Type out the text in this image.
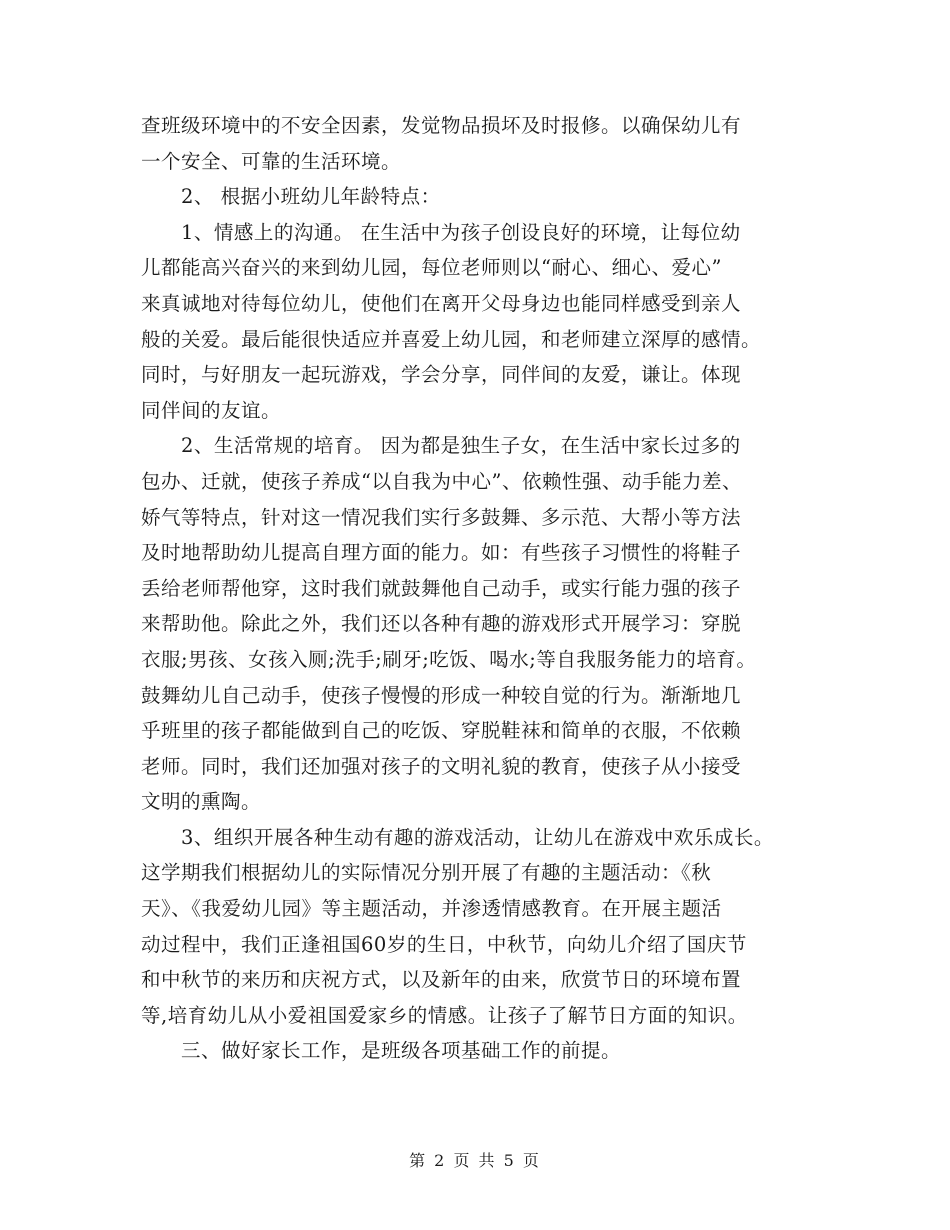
查班级环境中的不安全因素，发觉物品损坏及时报修。以确保幼儿有
一个安全、可靠的生活环境。
2、 根据小班幼儿年龄特点：
1、情感上的沟通。 在生活中为孩子创设良好的环境，让每位幼
儿都能高兴奋兴的来到幼儿园，每位老师则以“耐心、细心、爱心”
来真诚地对待每位幼儿，使他们在离开父母身边也能同样感受到亲人
般的关爱。最后能很快适应并喜爱上幼儿园，和老师建立深厚的感情。
同时，与好朋友一起玩游戏，学会分享，同伴间的友爱，谦让。体现
同伴间的友谊。
2、生活常规的培育。 因为都是独生子女，在生活中家长过多的
包办、迁就，使孩子养成“以自我为中心”、依赖性强、动手能力差、
娇气等特点，针对这一情况我们实行多鼓舞、多示范、大帮小等方法
及时地帮助幼儿提高自理方面的能力。如：有些孩子习惯性的将鞋子
丢给老师帮他穿，这时我们就鼓舞他自己动手，或实行能力强的孩子
来帮助他。除此之外，我们还以各种有趣的游戏形式开展学习：穿脱
衣服;男孩、女孩入厕;洗手;刷牙;吃饭、喝水;等自我服务能力的培育。
鼓舞幼儿自己动手，使孩子慢慢的形成一种较自觉的行为。渐渐地几
乎班里的孩子都能做到自己的吃饭、穿脱鞋袜和简单的衣服，不依赖
老师。同时，我们还加强对孩子的文明礼貌的教育，使孩子从小接受
文明的熏陶。
3、组织开展各种生动有趣的游戏活动，让幼儿在游戏中欢乐成长。
这学期我们根据幼儿的实际情况分别开展了有趣的主题活动：《秋
天》、《我爱幼儿园》等主题活动，并渗透情感教育。在开展主题活
动过程中，我们正逢祖国60岁的生日，中秋节，向幼儿介绍了国庆节
和中秋节的来历和庆祝方式，以及新年的由来，欣赏节日的环境布置
等,培育幼儿从小爱祖国爱家乡的情感。让孩子了解节日方面的知识。
三、做好家长工作，是班级各项基础工作的前提。
第 2 页 共 5 页
